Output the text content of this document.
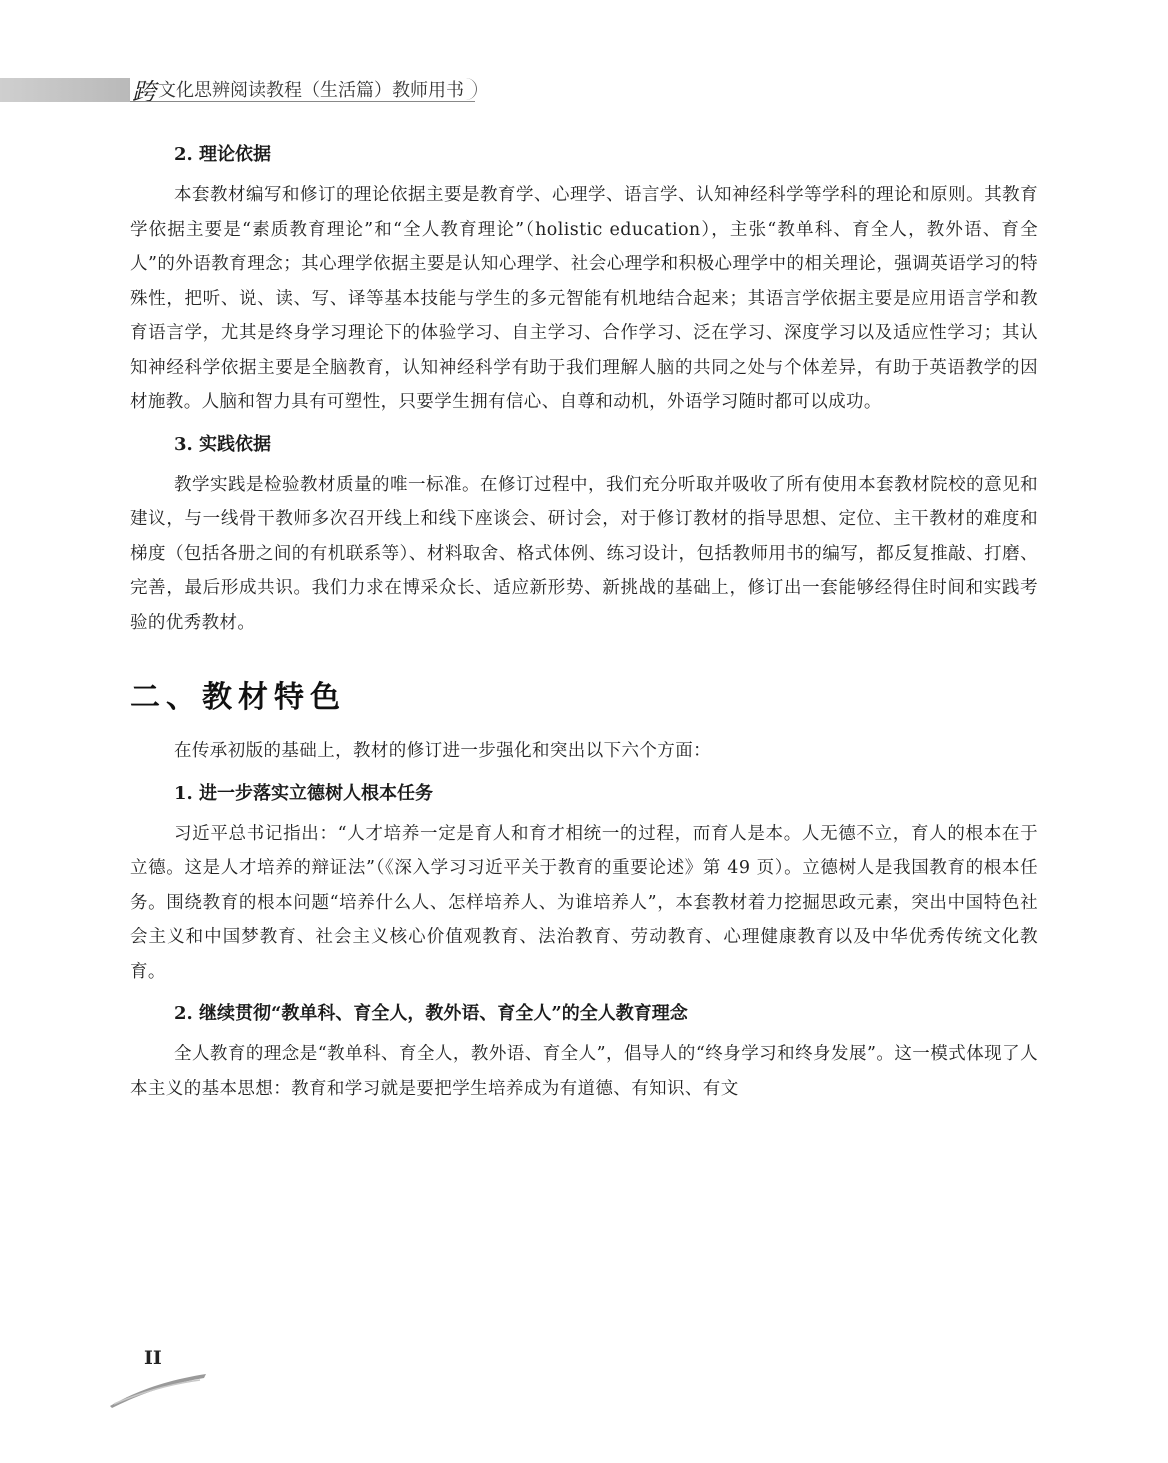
跨 文化思辨阅读教程（生活篇）教师用书
2. 理论依据

本套教材编写和修订的理论依据主要是教育学、心理学、语言学、认知神经科学等学科的理论和原则。其教育学依据主要是“素质教育理论”和“全人教育理论”（holistic education），主张“教单科、育全人，教外语、育全人”的外语教育理念；其心理学依据主要是认知心理学、社会心理学和积极心理学中的相关理论，强调英语学习的特殊性，把听、说、读、写、译等基本技能与学生的多元智能有机地结合起来；其语言学依据主要是应用语言学和教育语言学，尤其是终身学习理论下的体验学习、自主学习、合作学习、泛在学习、深度学习以及适应性学习；其认知神经科学依据主要是全脑教育，认知神经科学有助于我们理解人脑的共同之处与个体差异，有助于英语教学的因材施教。人脑和智力具有可塑性，只要学生拥有信心、自尊和动机，外语学习随时都可以成功。

3. 实践依据

教学实践是检验教材质量的唯一标准。在修订过程中，我们充分听取并吸收了所有使用本套教材院校的意见和建议，与一线骨干教师多次召开线上和线下座谈会、研讨会，对于修订教材的指导思想、定位、主干教材的难度和梯度（包括各册之间的有机联系等）、材料取舍、格式体例、练习设计，包括教师用书的编写，都反复推敲、打磨、完善，最后形成共识。我们力求在博采众长、适应新形势、新挑战的基础上，修订出一套能够经得住时间和实践考验的优秀教材。

二、教材特色

在传承初版的基础上，教材的修订进一步强化和突出以下六个方面：

1. 进一步落实立德树人根本任务

习近平总书记指出：“人才培养一定是育人和育才相统一的过程，而育人是本。人无德不立，育人的根本在于立德。这是人才培养的辩证法”（《深入学习习近平关于教育的重要论述》第 49 页）。立德树人是我国教育的根本任务。围绕教育的根本问题“培养什么人、怎样培养人、为谁培养人”，本套教材着力挖掘思政元素，突出中国特色社会主义和中国梦教育、社会主义核心价值观教育、法治教育、劳动教育、心理健康教育以及中华优秀传统文化教育。

2. 继续贯彻“教单科、育全人，教外语、育全人”的全人教育理念

全人教育的理念是“教单科、育全人，教外语、育全人”，倡导人的“终身学习和终身发展”。这一模式体现了人本主义的基本思想：教育和学习就是要把学生培养成为有道德、有知识、有文

II
